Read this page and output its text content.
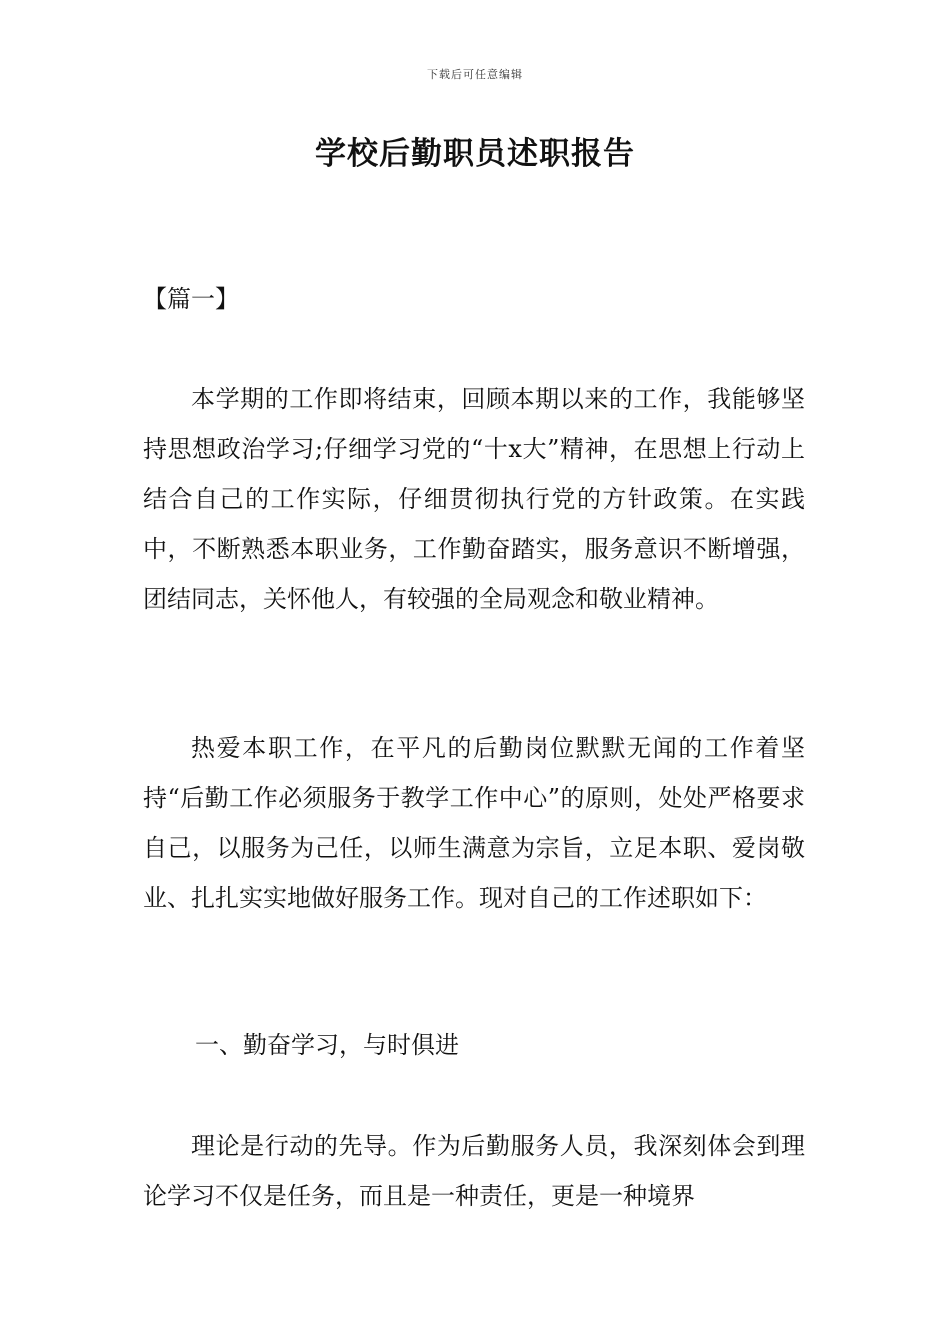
下载后可任意编辑
学校后勤职员述职报告
【篇一】

本学期的工作即将结束，回顾本期以来的工作，我能够坚持思想政治学习;仔细学习党的“十x大”精神，在思想上行动上结合自己的工作实际，仔细贯彻执行党的方针政策。在实践中，不断熟悉本职业务，工作勤奋踏实，服务意识不断增强，团结同志，关怀他人，有较强的全局观念和敬业精神。

热爱本职工作，在平凡的后勤岗位默默无闻的工作着坚持“后勤工作必须服务于教学工作中心”的原则，处处严格要求自己，以服务为己任，以师生满意为宗旨，立足本职、爱岗敬业、扎扎实实地做好服务工作。现对自己的工作述职如下：

一、勤奋学习，与时俱进

理论是行动的先导。作为后勤服务人员，我深刻体会到理论学习不仅是任务，而且是一种责任，更是一种境界
